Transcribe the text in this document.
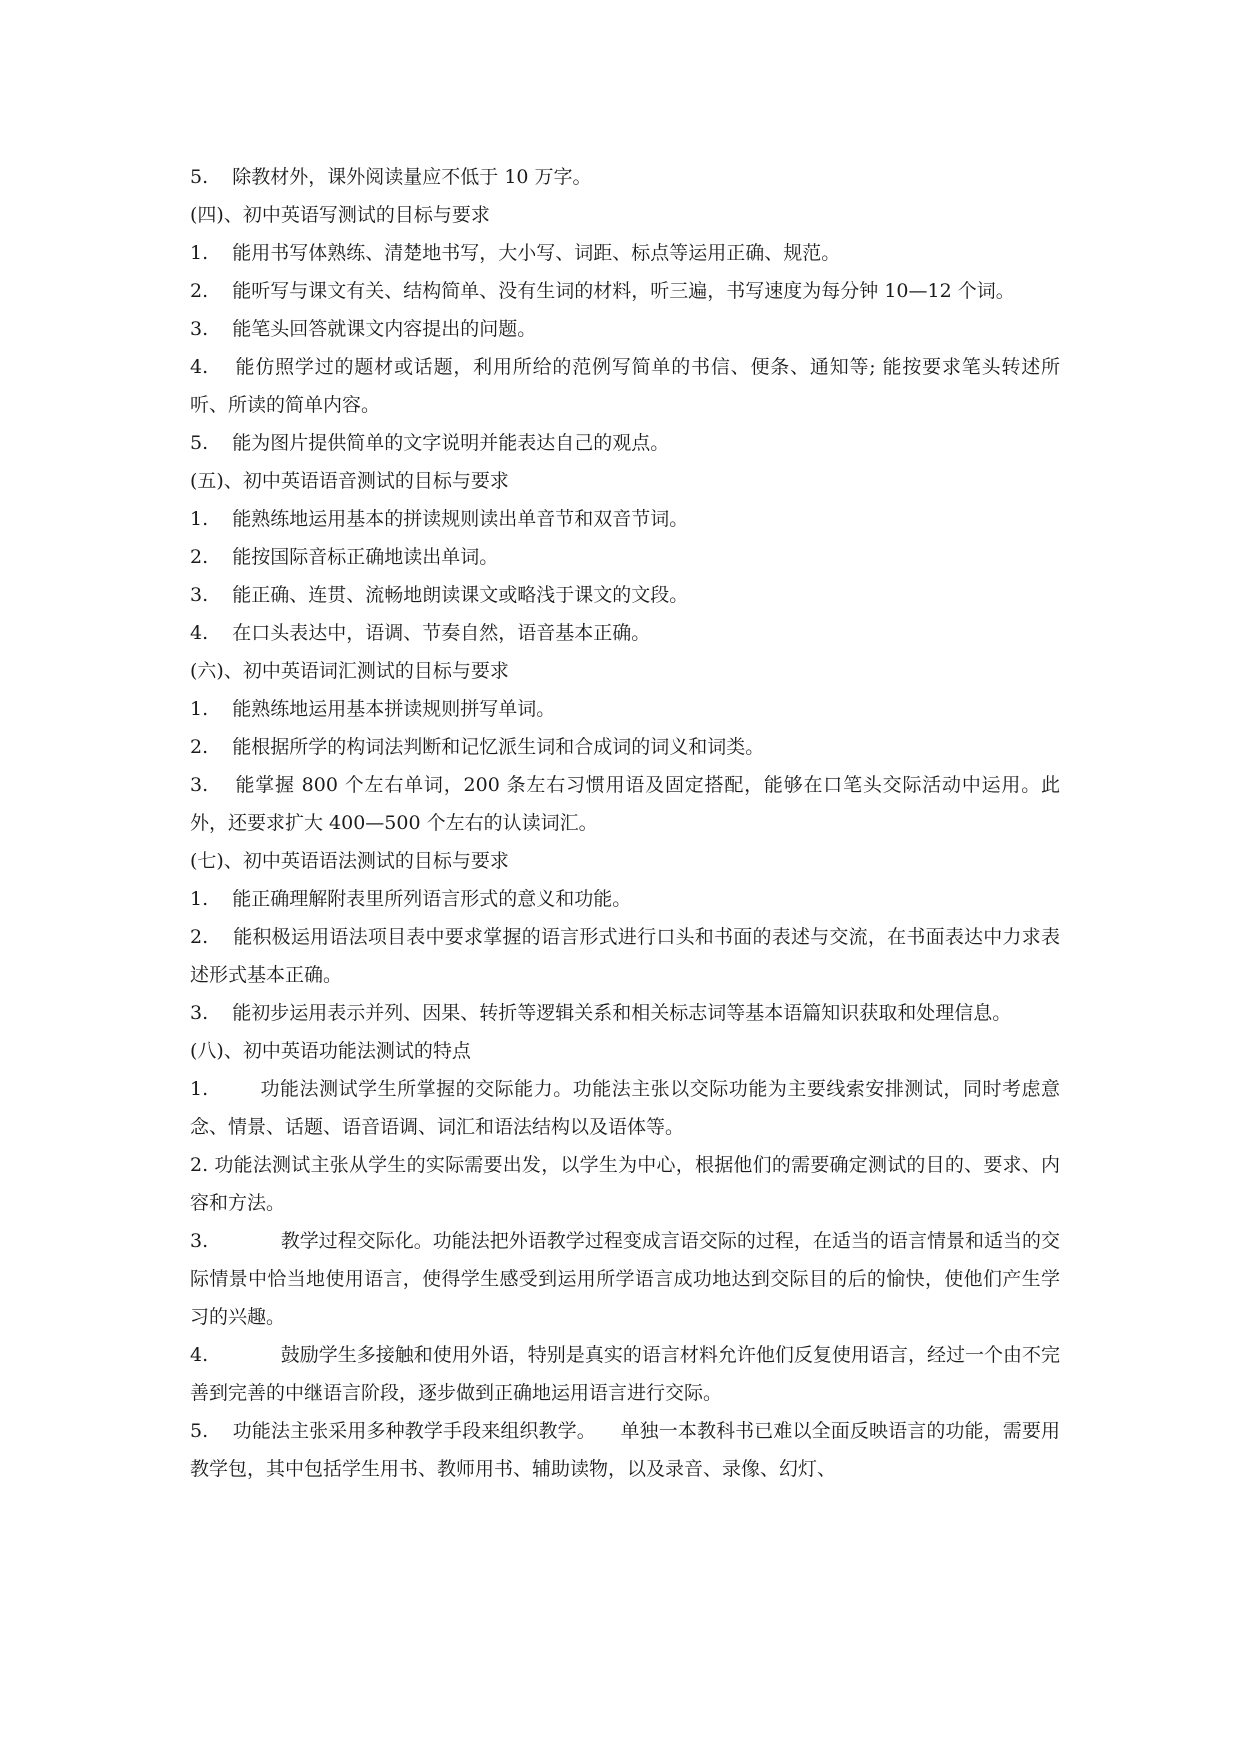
5.    除教材外，课外阅读量应不低于 10 万字。

(四)、初中英语写测试的目标与要求

1.    能用书写体熟练、清楚地书写，大小写、词距、标点等运用正确、规范。

2.    能听写与课文有关、结构简单、没有生词的材料，听三遍，书写速度为每分钟 10—12 个词。

3.    能笔头回答就课文内容提出的问题。

4.    能仿照学过的题材或话题，利用所给的范例写简单的书信、便条、通知等; 能按要求笔头转述所听、所读的简单内容。

5.    能为图片提供简单的文字说明并能表达自己的观点。

(五)、初中英语语音测试的目标与要求

1.    能熟练地运用基本的拼读规则读出单音节和双音节词。

2.    能按国际音标正确地读出单词。

3.    能正确、连贯、流畅地朗读课文或略浅于课文的文段。

4.    在口头表达中，语调、节奏自然，语音基本正确。

(六)、初中英语词汇测试的目标与要求

1.    能熟练地运用基本拼读规则拼写单词。

2.    能根据所学的构词法判断和记忆派生词和合成词的词义和词类。

3.    能掌握 800 个左右单词，200 条左右习惯用语及固定搭配，能够在口笔头交际活动中运用。此外，还要求扩大 400—500 个左右的认读词汇。

(七)、初中英语语法测试的目标与要求

1.    能正确理解附表里所列语言形式的意义和功能。

2.    能积极运用语法项目表中要求掌握的语言形式进行口头和书面的表述与交流，在书面表达中力求表述形式基本正确。

3.    能初步运用表示并列、因果、转折等逻辑关系和相关标志词等基本语篇知识获取和处理信息。

(八)、初中英语功能法测试的特点

1.        功能法测试学生所掌握的交际能力。功能法主张以交际功能为主要线索安排测试，同时考虑意念、情景、话题、语音语调、词汇和语法结构以及语体等。

2. 功能法测试主张从学生的实际需要出发，以学生为中心，根据他们的需要确定测试的目的、要求、内容和方法。

3.            教学过程交际化。功能法把外语教学过程变成言语交际的过程，在适当的语言情景和适当的交际情景中恰当地使用语言，使得学生感受到运用所学语言成功地达到交际目的后的愉快，使他们产生学习的兴趣。

4.            鼓励学生多接触和使用外语，特别是真实的语言材料允许他们反复使用语言，经过一个由不完善到完善的中继语言阶段，逐步做到正确地运用语言进行交际。

5.    功能法主张采用多种教学手段来组织教学。    单独一本教科书已难以全面反映语言的功能，需要用教学包，其中包括学生用书、教师用书、辅助读物，以及录音、录像、幻灯、
